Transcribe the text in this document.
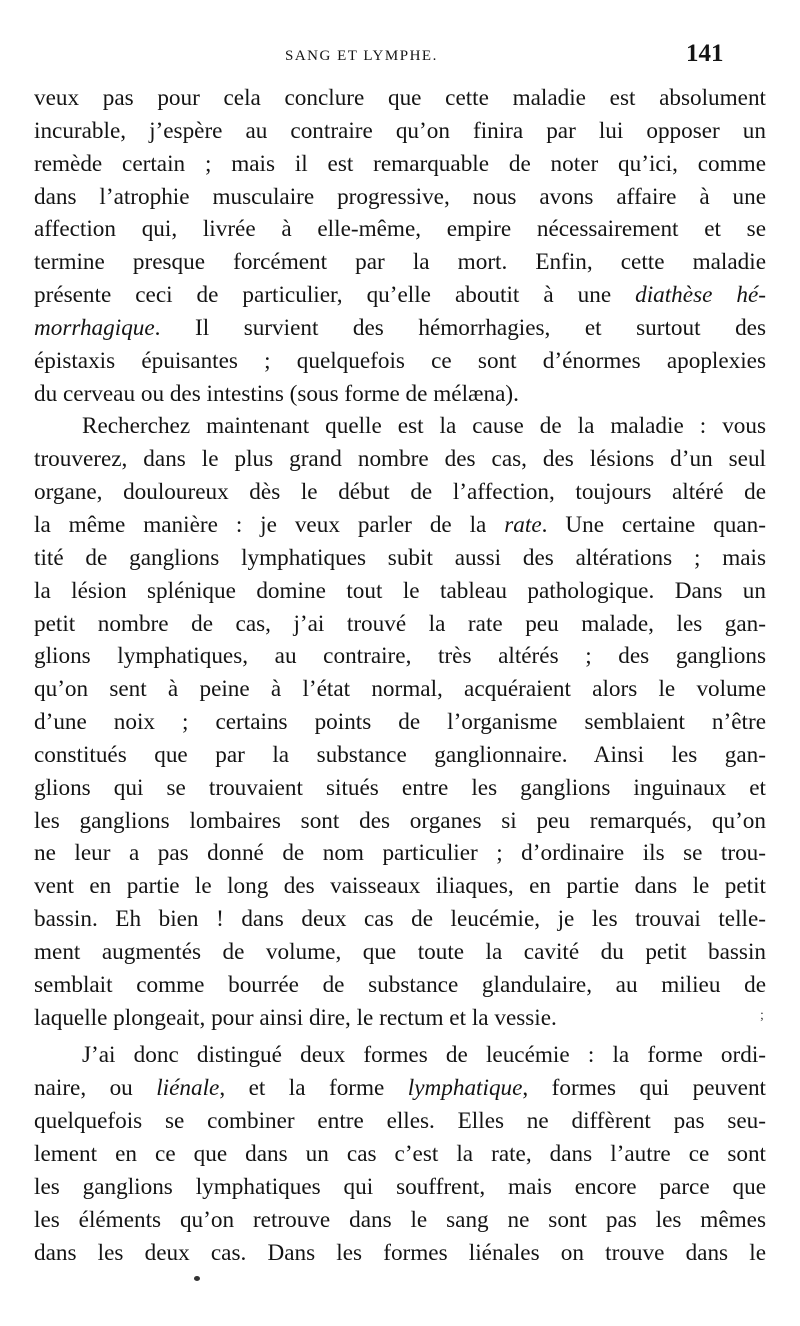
SANG ET LYMPHE.	141
veux pas pour cela conclure que cette maladie est absolument
incurable, j’espère au contraire qu’on finira par lui opposer un
remède certain ; mais il est remarquable de noter qu’ici, comme
dans l’atrophie musculaire progressive, nous avons affaire à une
affection qui, livrée à elle-même, empire nécessairement et se
termine presque forcément par la mort. Enfin, cette maladie
présente ceci de particulier, qu’elle aboutit à une diathèse hé-
morrhagique. Il survient des hémorrhagies, et surtout des
épistaxis épuisantes ; quelquefois ce sont d’énormes apoplexies
du cerveau ou des intestins (sous forme de mélæna).
Recherchez maintenant quelle est la cause de la maladie : vous
trouverez, dans le plus grand nombre des cas, des lésions d’un seul
organe, douloureux dès le début de l’affection, toujours altéré de
la même manière : je veux parler de la rate. Une certaine quan-
tité de ganglions lymphatiques subit aussi des altérations ; mais
la lésion splénique domine tout le tableau pathologique. Dans un
petit nombre de cas, j’ai trouvé la rate peu malade, les gan-
glions lymphatiques, au contraire, très altérés ; des ganglions
qu’on sent à peine à l’état normal, acquéraient alors le volume
d’une noix ; certains points de l’organisme semblaient n’être
constitués que par la substance ganglionnaire. Ainsi les gan-
glions qui se trouvaient situés entre les ganglions inguinaux et
les ganglions lombaires sont des organes si peu remarqués, qu’on
ne leur a pas donné de nom particulier ; d’ordinaire ils se trou-
vent en partie le long des vaisseaux iliaques, en partie dans le petit
bassin. Eh bien ! dans deux cas de leucémie, je les trouvai telle-
ment augmentés de volume, que toute la cavité du petit bassin
semblait comme bourrée de substance glandulaire, au milieu de
laquelle plongeait, pour ainsi dire, le rectum et la vessie.
J’ai donc distingué deux formes de leucémie : la forme ordi-
naire, ou liénale, et la forme lymphatique, formes qui peuvent
quelquefois se combiner entre elles. Elles ne diffèrent pas seu-
lement en ce que dans un cas c’est la rate, dans l’autre ce sont
les ganglions lymphatiques qui souffrent, mais encore parce que
les éléments qu’on retrouve dans le sang ne sont pas les mêmes
dans les deux cas. Dans les formes liénales on trouve dans le
;
